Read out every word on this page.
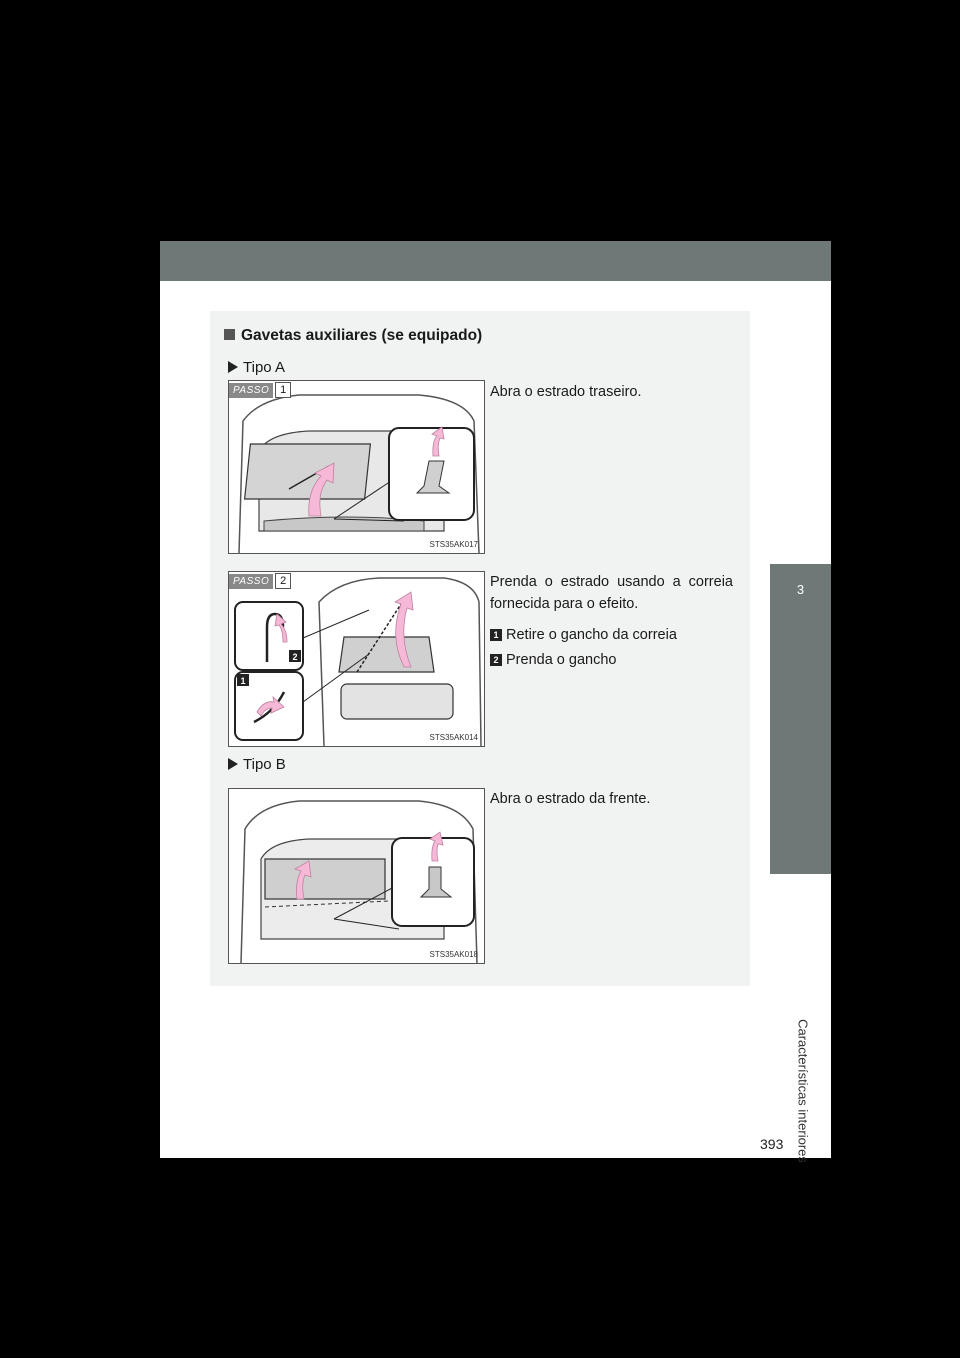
3
Características interiores
Gavetas auxiliares (se equipado)
Tipo A
PASSO 1
STS35AK017
Abra o estrado traseiro.
2
1
PASSO 2
STS35AK014
Prenda o estrado usando a correia fornecida para o efeito.
1 Retire o gancho da correia
2 Prenda o gancho
Tipo B
STS35AK018
Abra o estrado da frente.
393
